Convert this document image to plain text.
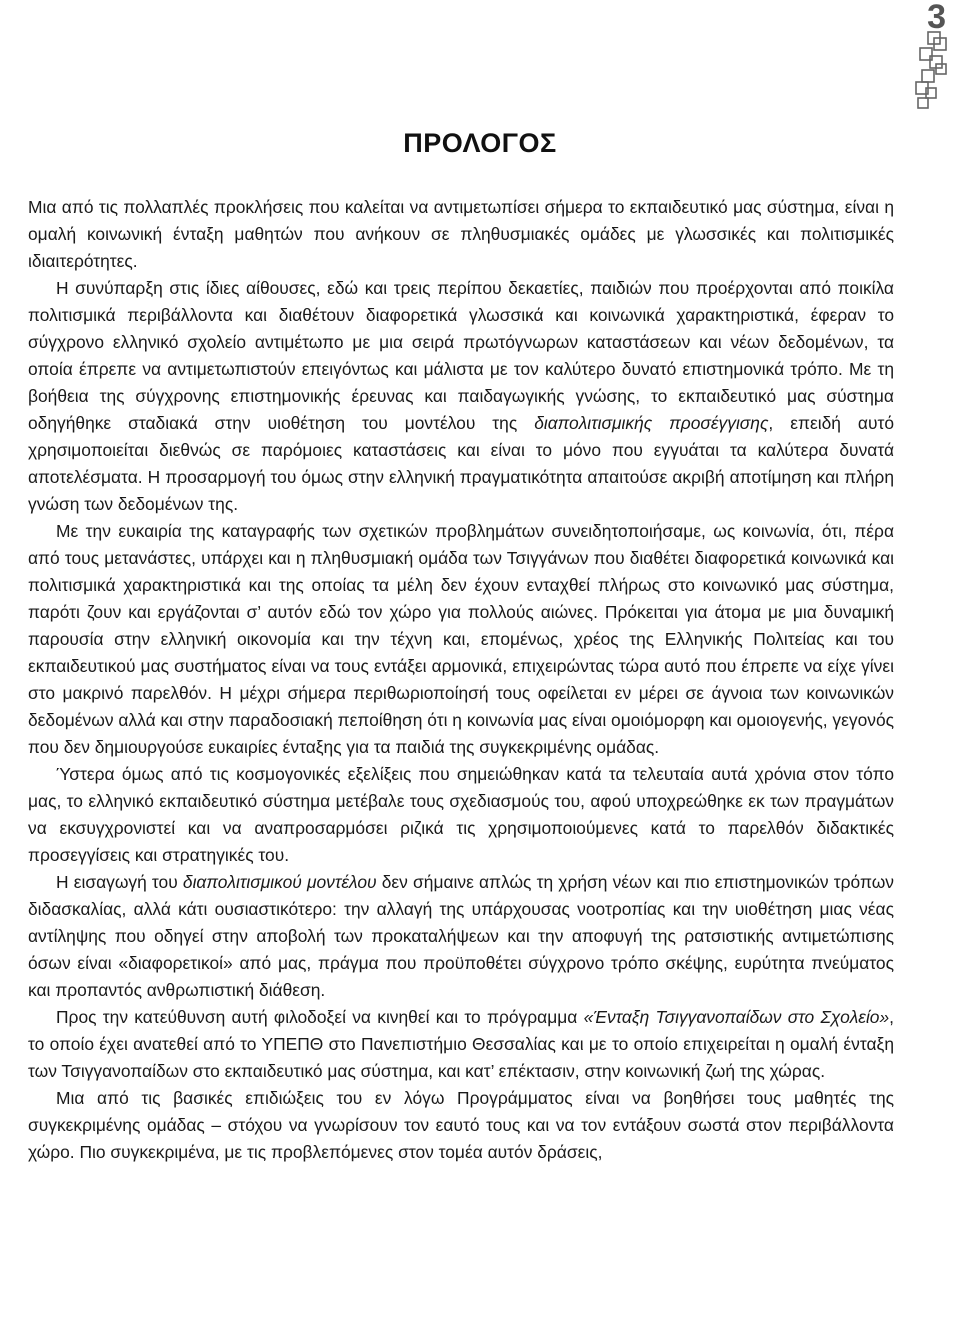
3
ΠΡΟΛΟΓΟΣ

Μια από τις πολλαπλές προκλήσεις που καλείται να αντιμετωπίσει σήμερα το εκπαιδευτικό μας σύστημα, είναι η ομαλή κοινωνική ένταξη μαθητών που ανήκουν σε πληθυσμιακές ομάδες με γλωσσικές και πολιτισμικές ιδιαιτερότητες.

Η συνύπαρξη στις ίδιες αίθουσες, εδώ και τρεις περίπου δεκαετίες, παιδιών που προέρχονται από ποικίλα πολιτισμικά περιβάλλοντα και διαθέτουν διαφορετικά γλωσσικά και κοινωνικά χαρακτηριστικά, έφεραν το σύγχρονο ελληνικό σχολείο αντιμέτωπο με μια σειρά πρωτόγνωρων καταστάσεων και νέων δεδομένων, τα οποία έπρεπε να αντιμετωπιστούν επειγόντως και μάλιστα με τον καλύτερο δυνατό επιστημονικά τρόπο. Με τη βοήθεια της σύγχρονης επιστημονικής έρευνας και παιδαγωγικής γνώσης, το εκπαιδευτικό μας σύστημα οδηγήθηκε σταδιακά στην υιοθέτηση του μοντέλου της διαπολιτισμικής προσέγγισης, επειδή αυτό χρησιμοποιείται διεθνώς σε παρόμοιες καταστάσεις και είναι το μόνο που εγγυάται τα καλύτερα δυνατά αποτελέσματα. Η προσαρμογή του όμως στην ελληνική πραγματικότητα απαιτούσε ακριβή αποτίμηση και πλήρη γνώση των δεδομένων της.

Με την ευκαιρία της καταγραφής των σχετικών προβλημάτων συνειδητοποιήσαμε, ως κοινωνία, ότι, πέρα από τους μετανάστες, υπάρχει και η πληθυσμιακή ομάδα των Τσιγγάνων που διαθέτει διαφορετικά κοινωνικά και πολιτισμικά χαρακτηριστικά και της οποίας τα μέλη δεν έχουν ενταχθεί πλήρως στο κοινωνικό μας σύστημα, παρότι ζουν και εργάζονται σ’ αυτόν εδώ τον χώρο για πολλούς αιώνες. Πρόκειται για άτομα με μια δυναμική παρουσία στην ελληνική οικονομία και την τέχνη και, επομένως, χρέος της Ελληνικής Πολιτείας και του εκπαιδευτικού μας συστήματος είναι να τους εντάξει αρμονικά, επιχειρώντας τώρα αυτό που έπρεπε να είχε γίνει στο μακρινό παρελθόν. Η μέχρι σήμερα περιθωριοποίησή τους οφείλεται εν μέρει σε άγνοια των κοινωνικών δεδομένων αλλά και στην παραδοσιακή πεποίθηση ότι η κοινωνία μας είναι ομοιόμορφη και ομοιογενής, γεγονός που δεν δημιουργούσε ευκαιρίες ένταξης για τα παιδιά της συγκεκριμένης ομάδας.

Ύστερα όμως από τις κοσμογονικές εξελίξεις που σημειώθηκαν κατά τα τελευταία αυτά χρόνια στον τόπο μας, το ελληνικό εκπαιδευτικό σύστημα μετέβαλε τους σχεδιασμούς του, αφού υποχρεώθηκε εκ των πραγμάτων να εκσυγχρονιστεί και να αναπροσαρμόσει ριζικά τις χρησιμοποιούμενες κατά το παρελθόν διδακτικές προσεγγίσεις και στρατηγικές του.

Η εισαγωγή του διαπολιτισμικού μοντέλου δεν σήμαινε απλώς τη χρήση νέων και πιο επιστημονικών τρόπων διδασκαλίας, αλλά κάτι ουσιαστικότερο: την αλλαγή της υπάρχουσας νοοτροπίας και την υιοθέτηση μιας νέας αντίληψης που οδηγεί στην αποβολή των προκαταλήψεων και την αποφυγή της ρατσιστικής αντιμετώπισης όσων είναι «διαφορετικοί» από μας, πράγμα που προϋποθέτει σύγχρονο τρόπο σκέψης, ευρύτητα πνεύματος και προπαντός ανθρωπιστική διάθεση.

Προς την κατεύθυνση αυτή φιλοδοξεί να κινηθεί και το πρόγραμμα «Ένταξη Τσιγγανοπαίδων στο Σχολείο», το οποίο έχει ανατεθεί από το ΥΠΕΠΘ στο Πανεπιστήμιο Θεσσαλίας και με το οποίο επιχειρείται η ομαλή ένταξη των Τσιγγανοπαίδων στο εκπαιδευτικό μας σύστημα, και κατ’ επέκτασιν, στην κοινωνική ζωή της χώρας.

Μια από τις βασικές επιδιώξεις του εν λόγω Προγράμματος είναι να βοηθήσει τους μαθητές της συγκεκριμένης ομάδας – στόχου να γνωρίσουν τον εαυτό τους και να τον εντάξουν σωστά στον περιβάλλοντα χώρο. Πιο συγκεκριμένα, με τις προβλεπόμενες στον τομέα αυτόν δράσεις,
